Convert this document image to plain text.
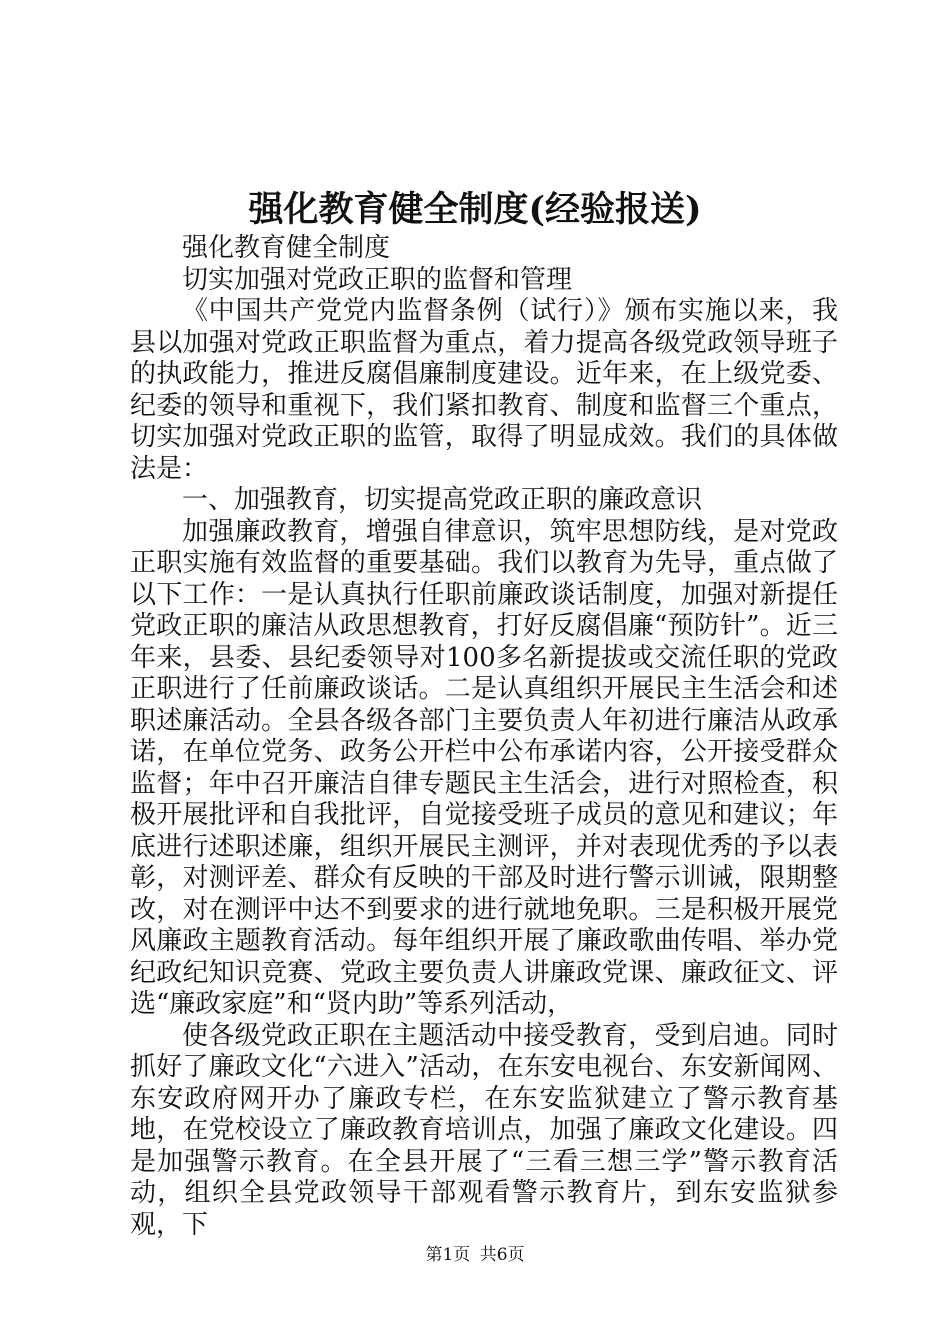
强化教育健全制度(经验报送)

强化教育健全制度

切实加强对党政正职的监督和管理

《中国共产党党内监督条例（试行）》颁布实施以来，我县以加强对党政正职监督为重点，着力提高各级党政领导班子的执政能力，推进反腐倡廉制度建设。近年来，在上级党委、纪委的领导和重视下，我们紧扣教育、制度和监督三个重点，切实加强对党政正职的监管，取得了明显成效。我们的具体做法是：

一、加强教育，切实提高党政正职的廉政意识

加强廉政教育，增强自律意识，筑牢思想防线，是对党政正职实施有效监督的重要基础。我们以教育为先导，重点做了以下工作：一是认真执行任职前廉政谈话制度，加强对新提任党政正职的廉洁从政思想教育，打好反腐倡廉“预防针”。近三年来，县委、县纪委领导对100多名新提拔或交流任职的党政正职进行了任前廉政谈话。二是认真组织开展民主生活会和述职述廉活动。全县各级各部门主要负责人年初进行廉洁从政承诺，在单位党务、政务公开栏中公布承诺内容，公开接受群众监督；年中召开廉洁自律专题民主生活会，进行对照检查，积极开展批评和自我批评，自觉接受班子成员的意见和建议；年底进行述职述廉，组织开展民主测评，并对表现优秀的予以表彰，对测评差、群众有反映的干部及时进行警示训诫，限期整改，对在测评中达不到要求的进行就地免职。三是积极开展党风廉政主题教育活动。每年组织开展了廉政歌曲传唱、举办党纪政纪知识竞赛、党政主要负责人讲廉政党课、廉政征文、评选“廉政家庭”和“贤内助”等系列活动，

使各级党政正职在主题活动中接受教育，受到启迪。同时抓好了廉政文化“六进入”活动，在东安电视台、东安新闻网、东安政府网开办了廉政专栏，在东安监狱建立了警示教育基地，在党校设立了廉政教育培训点，加强了廉政文化建设。四是加强警示教育。在全县开展了“三看三想三学”警示教育活动，组织全县党政领导干部观看警示教育片，到东安监狱参观，下

第1页 共6页
